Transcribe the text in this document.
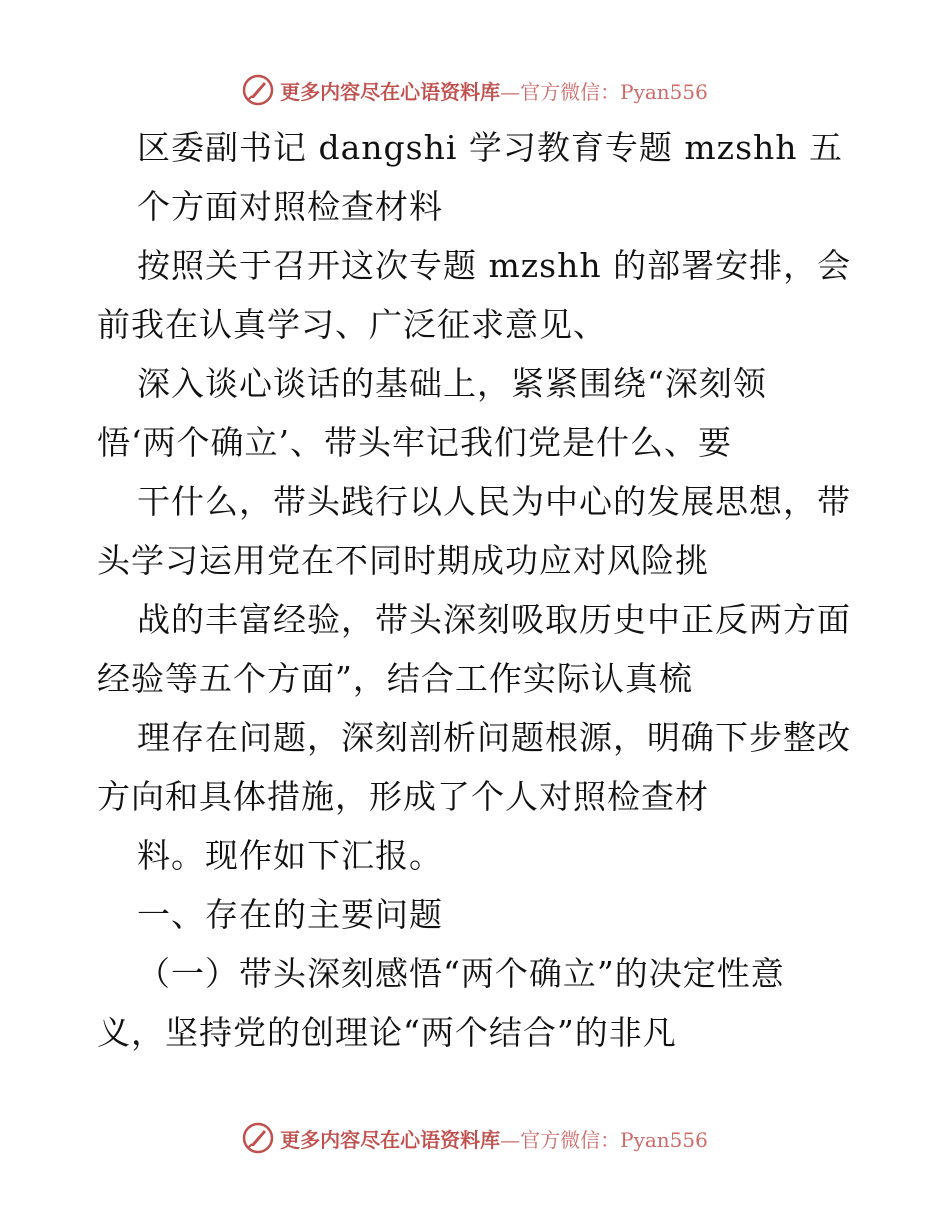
更多内容尽在心语资料库—官方微信：Pyan556
区委副书记 dangshi 学习教育专题 mzshh 五
个方面对照检查材料
按照关于召开这次专题 mzshh 的部署安排，会
前我在认真学习、广泛征求意见、
深入谈心谈话的基础上，紧紧围绕“深刻领
悟‘两个确立’、带头牢记我们党是什么、要
干什么，带头践行以人民为中心的发展思想，带
头学习运用党在不同时期成功应对风险挑
战的丰富经验，带头深刻吸取历史中正反两方面
经验等五个方面”，结合工作实际认真梳
理存在问题，深刻剖析问题根源，明确下步整改
方向和具体措施，形成了个人对照检查材
料。现作如下汇报。
一、存在的主要问题
（一）带头深刻感悟“两个确立”的决定性意
义，坚持党的创理论“两个结合”的非凡
更多内容尽在心语资料库—官方微信：Pyan556
